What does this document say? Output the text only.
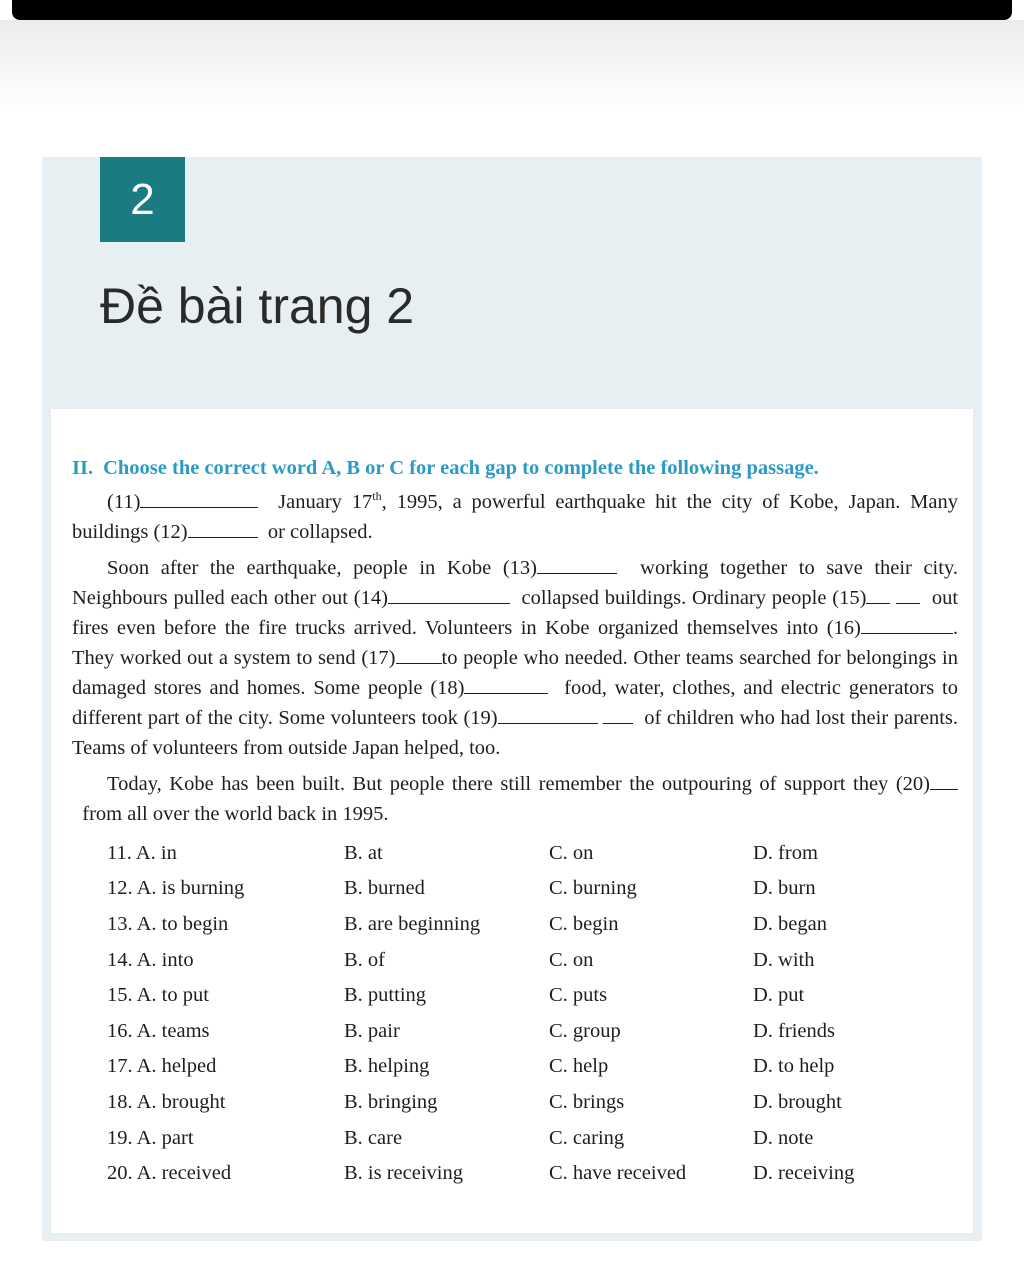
2
Đề bài trang 2
II. Choose the correct word A, B or C for each gap to complete the following passage.

(11)	January 17th, 1995, a powerful earthquake hit the city of Kobe, Japan. Many buildings (12)	or collapsed.

Soon after the earthquake, people in Kobe (13)	working together to save their city. Neighbours pulled each other out (14)	collapsed buildings. Ordinary people (15)	out fires even before the fire trucks arrived. Volunteers in Kobe organized themselves into (16)	. They worked out a system to send (17) to people who needed. Other teams searched for belongings in damaged stores and homes. Some people (18)	food, water, clothes, and electric generators to different part of the city. Some volunteers took (19)	of children who had lost their parents. Teams of volunteers from outside Japan helped, too.

Today, Kobe has been built. But people there still remember the outpouring of support they (20)  from all over the world back in 1995.

11. A. in	B. at	C. on	D. from
12. A. is burning	B. burned	C. burning	D. burn
13. A. to begin	B. are beginning	C. begin	D. began
14. A. into	B. of	C. on	D. with
15. A. to put	B. putting	C. puts	D. put
16. A. teams	B. pair	C. group	D. friends
17. A. helped	B. helping	C. help	D. to help
18. A. brought	B. bringing	C. brings	D. brought
19. A. part	B. care	C. caring	D. note
20. A. received	B. is receiving	C. have received	D. receiving
